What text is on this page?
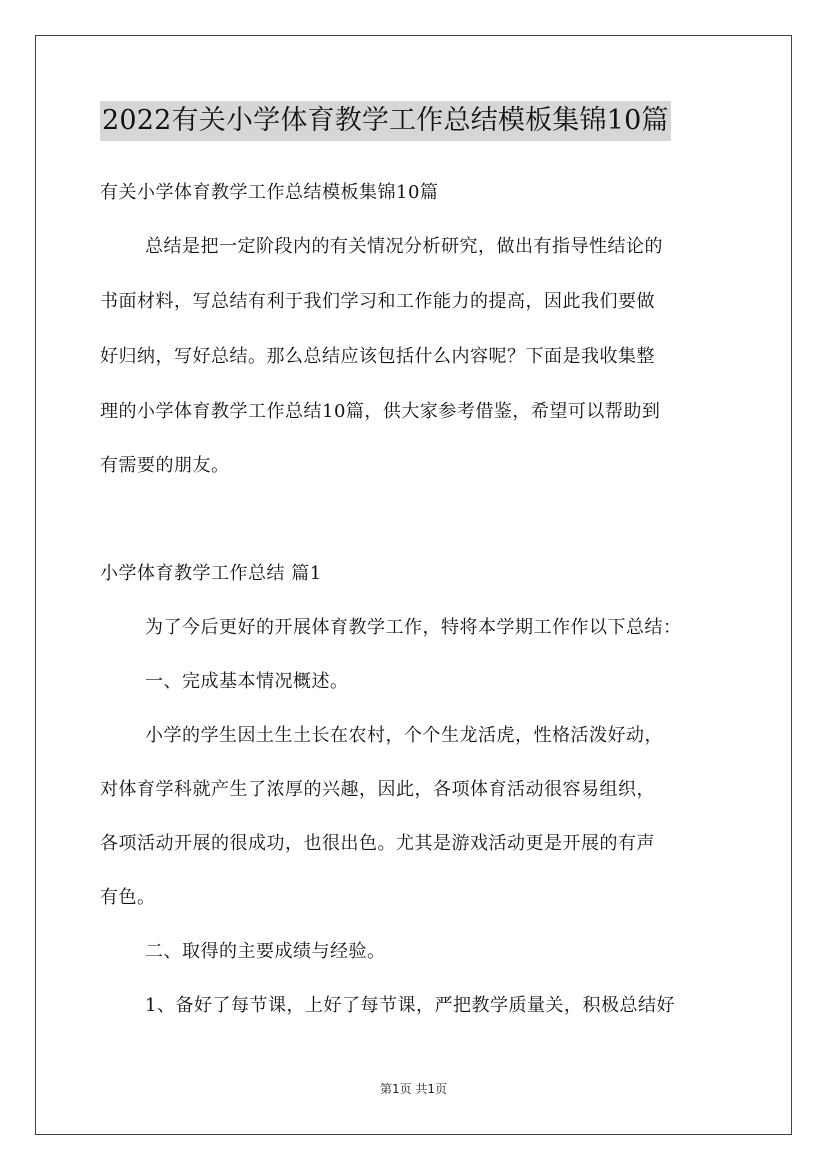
2022有关小学体育教学工作总结模板集锦10篇
有关小学体育教学工作总结模板集锦10篇
总结是把一定阶段内的有关情况分析研究，做出有指导性结论的
书面材料，写总结有利于我们学习和工作能力的提高，因此我们要做
好归纳，写好总结。那么总结应该包括什么内容呢？下面是我收集整
理的小学体育教学工作总结10篇，供大家参考借鉴，希望可以帮助到
有需要的朋友。
小学体育教学工作总结 篇1
为了今后更好的开展体育教学工作，特将本学期工作作以下总结：
一、完成基本情况概述。
小学的学生因土生土长在农村，个个生龙活虎，性格活泼好动，
对体育学科就产生了浓厚的兴趣，因此，各项体育活动很容易组织，
各项活动开展的很成功，也很出色。尤其是游戏活动更是开展的有声
有色。
二、取得的主要成绩与经验。
1、备好了每节课，上好了每节课，严把教学质量关，积极总结好
第1页 共1页
